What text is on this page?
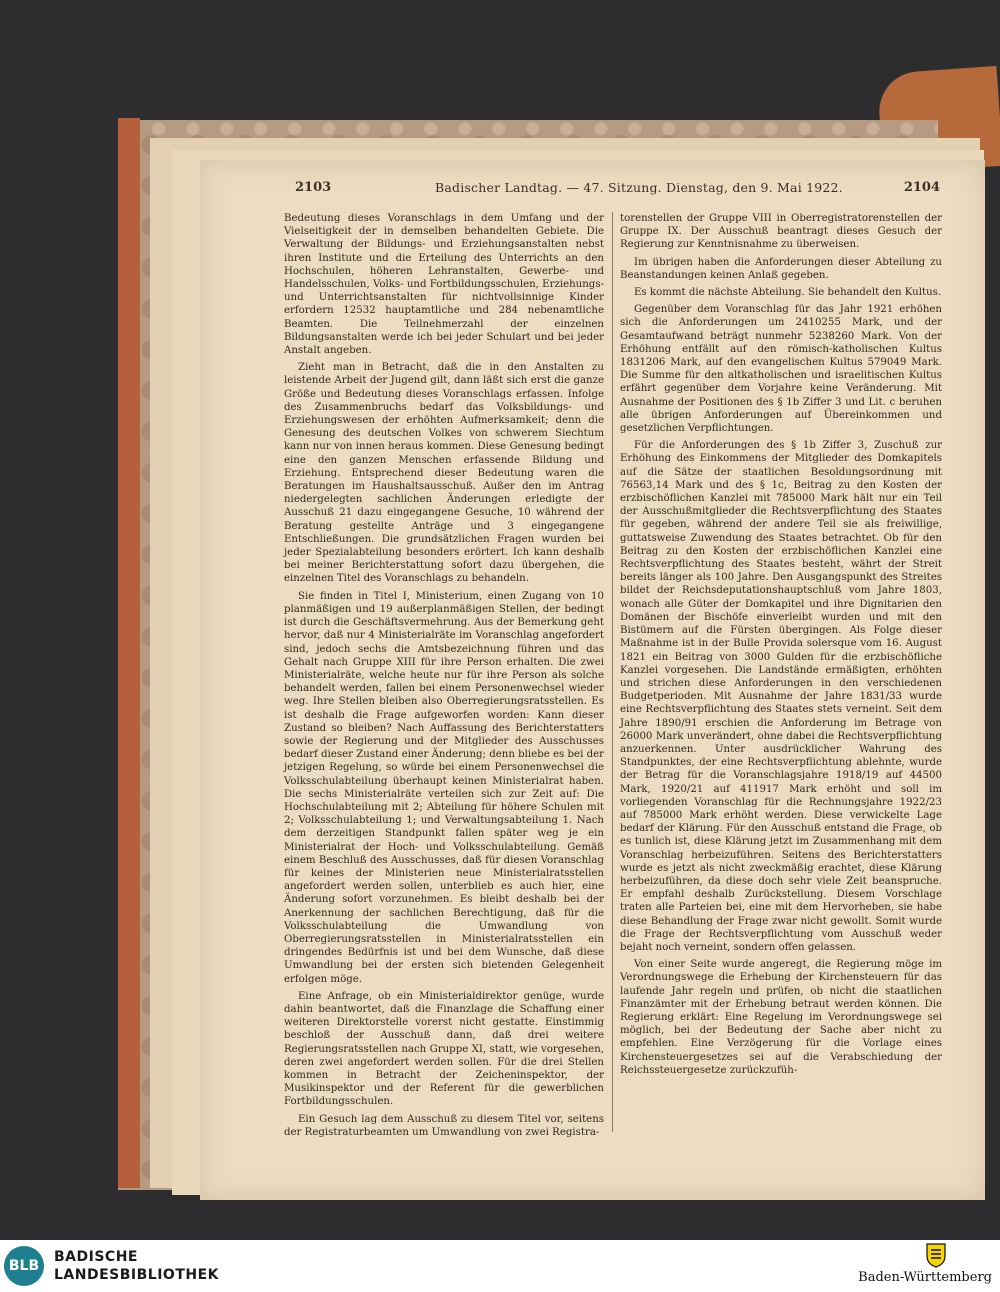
2103	Badischer Landtag. — 47. Sitzung. Dienstag, den 9. Mai 1922.	2104

Bedeutung dieses Voranschlags in dem Umfang und der Vielseitigkeit der in demselben behandelten Gebiete. Die Verwaltung der Bildungs- und Erziehungsanstalten nebst ihren Institute und die Erteilung des Unterrichts an den Hochschulen, höheren Lehranstalten, Gewerbe- und Handelsschulen, Volks- und Fortbildungsschulen, Erziehungs- und Unterrichtsanstalten für nichtvollsinnige Kinder erfordern 12532 hauptamtliche und 284 nebenamtliche Beamten. Die Teilnehmerzahl der einzelnen Bildungsanstalten werde ich bei jeder Schulart und bei jeder Anstalt angeben.

Zieht man in Betracht, daß die in den Anstalten zu leistende Arbeit der Jugend gilt, dann läßt sich erst die ganze Größe und Bedeutung dieses Voranschlags erfassen. Infolge des Zusammenbruchs bedarf das Volksbildungs- und Erziehungswesen der erhöhten Aufmerksamkeit; denn die Genesung des deutschen Volkes von schwerem Siechtum kann nur von innen heraus kommen. Diese Genesung bedingt eine den ganzen Menschen erfassende Bildung und Erziehung. Entsprechend dieser Bedeutung waren die Beratungen im Haushaltsausschuß. Außer den im Antrag niedergelegten sachlichen Änderungen erledigte der Ausschuß 21 dazu eingegangene Gesuche, 10 während der Beratung gestellte Anträge und 3 eingegangene Entschließungen. Die grundsätzlichen Fragen wurden bei jeder Spezialabteilung besonders erörtert. Ich kann deshalb bei meiner Berichterstattung sofort dazu übergehen, die einzelnen Titel des Voranschlags zu behandeln.

Sie finden in Titel I, Ministerium, einen Zugang von 10 planmäßigen und 19 außerplanmäßigen Stellen, der bedingt ist durch die Geschäftsvermehrung. Aus der Bemerkung geht hervor, daß nur 4 Ministerialräte im Voranschlag angefordert sind, jedoch sechs die Amtsbezeichnung führen und das Gehalt nach Gruppe XIII für ihre Person erhalten. Die zwei Ministerialräte, welche heute nur für ihre Person als solche behandelt werden, fallen bei einem Personenwechsel wieder weg. Ihre Stellen bleiben also Oberregierungsratsstellen. Es ist deshalb die Frage aufgeworfen worden: Kann dieser Zustand so bleiben? Nach Auffassung des Berichterstatters sowie der Regierung und der Mitglieder des Ausschusses bedarf dieser Zustand einer Änderung; denn bliebe es bei der jetzigen Regelung, so würde bei einem Personenwechsel die Volksschulabteilung überhaupt keinen Ministerialrat haben. Die sechs Ministerialräte verteilen sich zur Zeit auf: Die Hochschulabteilung mit 2; Abteilung für höhere Schulen mit 2; Volksschulabteilung 1; und Verwaltungsabteilung 1. Nach dem derzeitigen Standpunkt fallen später weg je ein Ministerialrat der Hoch- und Volksschulabteilung. Gemäß einem Beschluß des Ausschusses, daß für diesen Voranschlag für keines der Ministerien neue Ministerialratsstellen angefordert werden sollen, unterblieb es auch hier, eine Änderung sofort vorzunehmen. Es bleibt deshalb bei der Anerkennung der sachlichen Berechtigung, daß für die Volksschulabteilung die Umwandlung von Oberregierungsratsstellen in Ministerialratsstellen ein dringendes Bedürfnis ist und bei dem Wunsche, daß diese Umwandlung bei der ersten sich bietenden Gelegenheit erfolgen möge.

Eine Anfrage, ob ein Ministerialdirektor genüge, wurde dahin beantwortet, daß die Finanzlage die Schaffung einer weiteren Direktorstelle vorerst nicht gestatte. Einstimmig beschloß der Ausschuß dann, daß drei weitere Regierungsratsstellen nach Gruppe XI, statt, wie vorgesehen, deren zwei angefordert werden sollen. Für die drei Stellen kommen in Betracht der Zeicheninspektor, der Musikinspektor und der Referent für die gewerblichen Fortbildungsschulen.

Ein Gesuch lag dem Ausschuß zu diesem Titel vor, seitens der Registraturbeamten um Umwandlung von zwei Registra-

torenstellen der Gruppe VIII in Oberregistratorenstellen der Gruppe IX. Der Ausschuß beantragt dieses Gesuch der Regierung zur Kenntnisnahme zu überweisen.

Im übrigen haben die Anforderungen dieser Abteilung zu Beanstandungen keinen Anlaß gegeben.

Es kommt die nächste Abteilung. Sie behandelt den Kultus.

Gegenüber dem Voranschlag für das Jahr 1921 erhöhen sich die Anforderungen um 2410255 Mark, und der Gesamtaufwand beträgt nunmehr 5238260 Mark. Von der Erhöhung entfällt auf den römisch-katholischen Kultus 1831206 Mark, auf den evangelischen Kultus 579049 Mark. Die Summe für den altkatholischen und israelitischen Kultus erfährt gegenüber dem Vorjahre keine Veränderung. Mit Ausnahme der Positionen des § 1b Ziffer 3 und Lit. c beruhen alle übrigen Anforderungen auf Übereinkommen und gesetzlichen Verpflichtungen.

Für die Anforderungen des § 1b Ziffer 3, Zuschuß zur Erhöhung des Einkommens der Mitglieder des Domkapitels auf die Sätze der staatlichen Besoldungsordnung mit 76563,14 Mark und des § 1c, Beitrag zu den Kosten der erzbischöflichen Kanzlei mit 785000 Mark hält nur ein Teil der Ausschußmitglieder die Rechtsverpflichtung des Staates für gegeben, während der andere Teil sie als freiwillige, guttatsweise Zuwendung des Staates betrachtet. Ob für den Beitrag zu den Kosten der erzbischöflichen Kanzlei eine Rechtsverpflichtung des Staates besteht, währt der Streit bereits länger als 100 Jahre. Den Ausgangspunkt des Streites bildet der Reichsdeputationshauptschluß vom Jahre 1803, wonach alle Güter der Domkapitel und ihre Dignitarien den Domänen der Bischöfe einverleibt wurden und mit den Bistümern auf die Fürsten übergingen. Als Folge dieser Maßnahme ist in der Bulle Provida solersque vom 16. August 1821 ein Beitrag von 3000 Gulden für die erzbischöfliche Kanzlei vorgesehen. Die Landstände ermäßigten, erhöhten und strichen diese Anforderungen in den verschiedenen Budgetperioden. Mit Ausnahme der Jahre 1831/33 wurde eine Rechtsverpflichtung des Staates stets verneint. Seit dem Jahre 1890/91 erschien die Anforderung im Betrage von 26000 Mark unverändert, ohne dabei die Rechtsverpflichtung anzuerkennen. Unter ausdrücklicher Wahrung des Standpunktes, der eine Rechtsverpflichtung ablehnte, wurde der Betrag für die Voranschlagsjahre 1918/19 auf 44500 Mark, 1920/21 auf 411917 Mark erhöht und soll im vorliegenden Voranschlag für die Rechnungsjahre 1922/23 auf 785000 Mark erhöht werden. Diese verwickelte Lage bedarf der Klärung. Für den Ausschuß entstand die Frage, ob es tunlich ist, diese Klärung jetzt im Zusammenhang mit dem Voranschlag herbeizuführen. Seitens des Berichterstatters wurde es jetzt als nicht zweckmäßig erachtet, diese Klärung herbeizuführen, da diese doch sehr viele Zeit beanspruche. Er empfahl deshalb Zurückstellung. Diesem Vorschlage traten alle Parteien bei, eine mit dem Hervorheben, sie habe diese Behandlung der Frage zwar nicht gewollt. Somit wurde die Frage der Rechtsverpflichtung vom Ausschuß weder bejaht noch verneint, sondern offen gelassen.

Von einer Seite wurde angeregt, die Regierung möge im Verordnungswege die Erhebung der Kirchensteuern für das laufende Jahr regeln und prüfen, ob nicht die staatlichen Finanzämter mit der Erhebung betraut werden können. Die Regierung erklärt: Eine Regelung im Verordnungswege sei möglich, bei der Bedeutung der Sache aber nicht zu empfehlen. Eine Verzögerung für die Vorlage eines Kirchensteuergesetzes sei auf die Verabschiedung der Reichssteuergesetze zurückzufüh-

BLB
BADISCHE
LANDESBIBLIOTHEK	Baden-Württemberg
